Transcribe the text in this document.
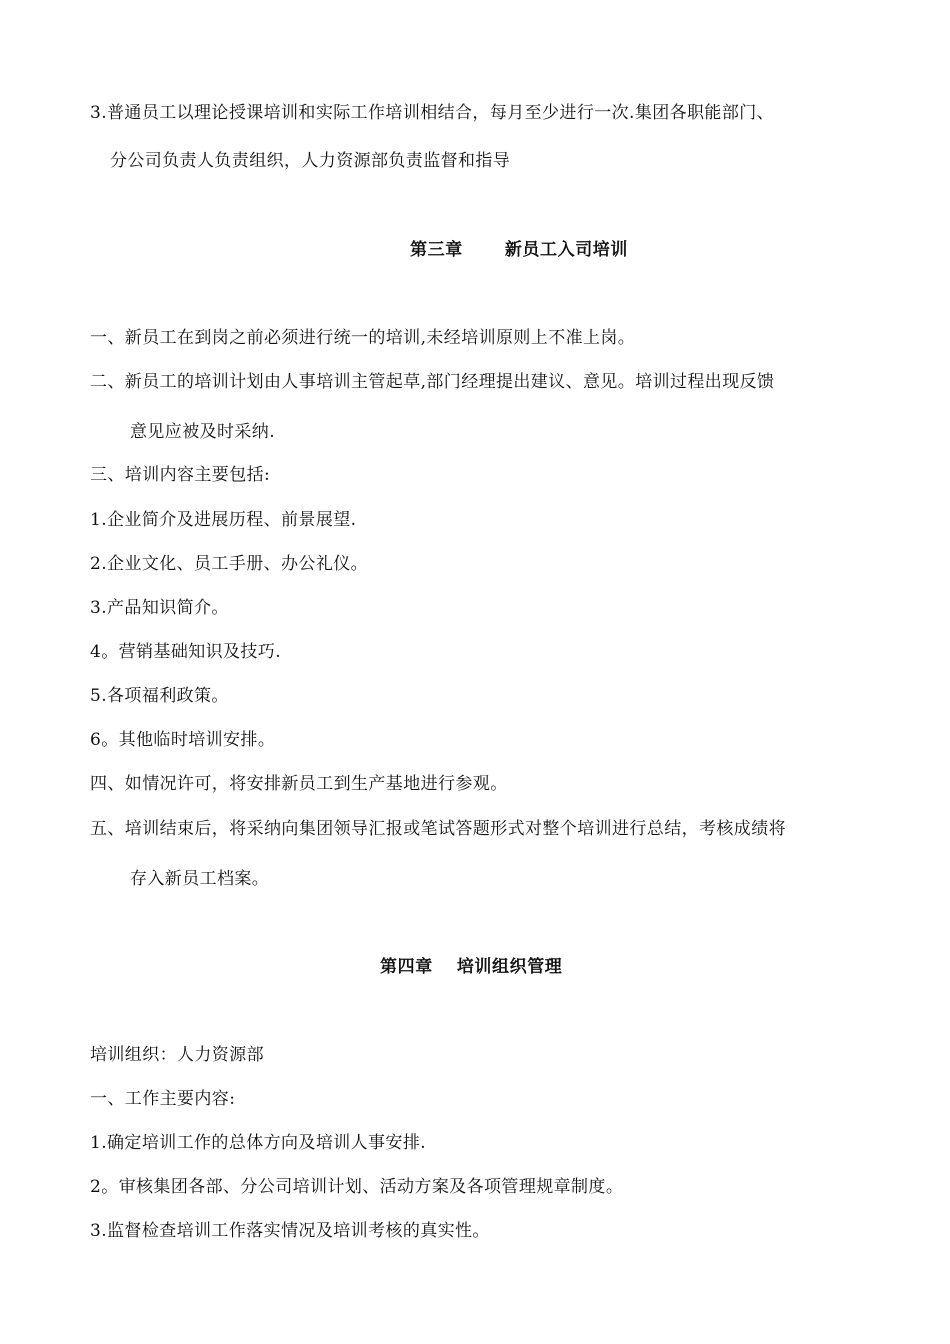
3.普通员工以理论授课培训和实际工作培训相结合，每月至少进行一次.集团各职能部门、
分公司负责人负责组织，人力资源部负责监督和指导
第三章 新员工入司培训
一、新员工在到岗之前必须进行统一的培训,未经培训原则上不准上岗。
二、新员工的培训计划由人事培训主管起草,部门经理提出建议、意见。培训过程出现反馈
意见应被及时采纳.
三、培训内容主要包括:
1.企业简介及进展历程、前景展望.
2.企业文化、员工手册、办公礼仪。
3.产品知识简介。
4。营销基础知识及技巧.
5.各项福利政策。
6。其他临时培训安排。
四、如情况许可，将安排新员工到生产基地进行参观。
五、培训结束后，将采纳向集团领导汇报或笔试答题形式对整个培训进行总结，考核成绩将
存入新员工档案。
第四章 培训组织管理
培训组织：人力资源部
一、工作主要内容:
1.确定培训工作的总体方向及培训人事安排.
2。审核集团各部、分公司培训计划、活动方案及各项管理规章制度。
3.监督检查培训工作落实情况及培训考核的真实性。
